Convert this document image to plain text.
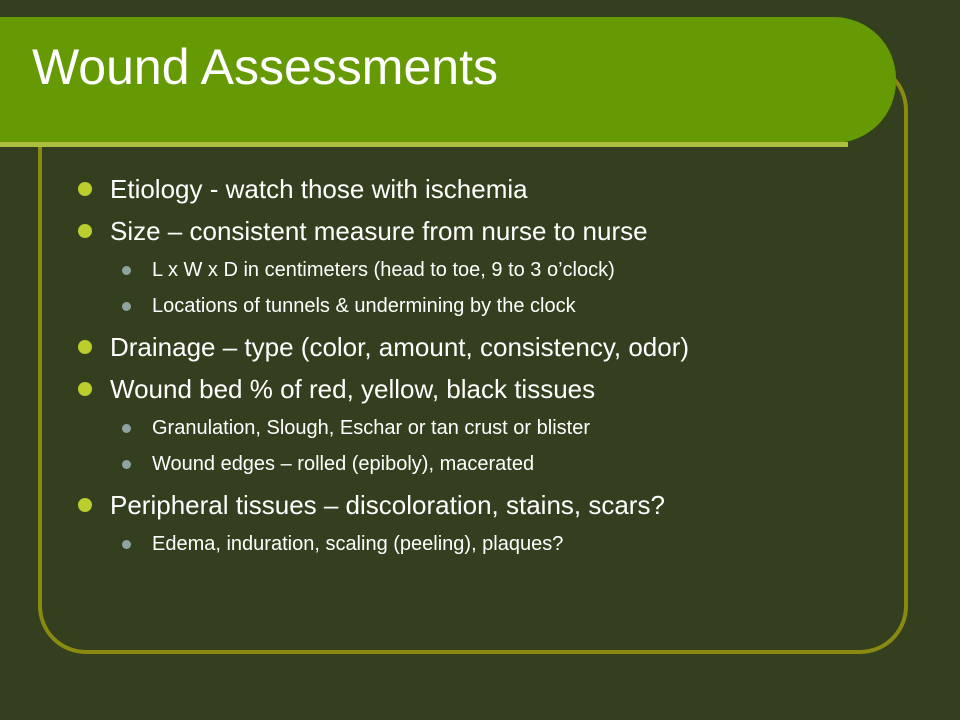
Wound Assessments
Etiology - watch those with ischemia
Size – consistent measure from nurse to nurse
L x W x D in centimeters (head to toe, 9 to 3 o’clock)
Locations of tunnels & undermining by the clock
Drainage – type (color, amount, consistency, odor)
Wound bed % of red, yellow, black tissues
Granulation, Slough, Eschar or tan crust or blister
Wound edges – rolled (epiboly), macerated
Peripheral tissues – discoloration, stains, scars?
Edema, induration, scaling (peeling), plaques?
